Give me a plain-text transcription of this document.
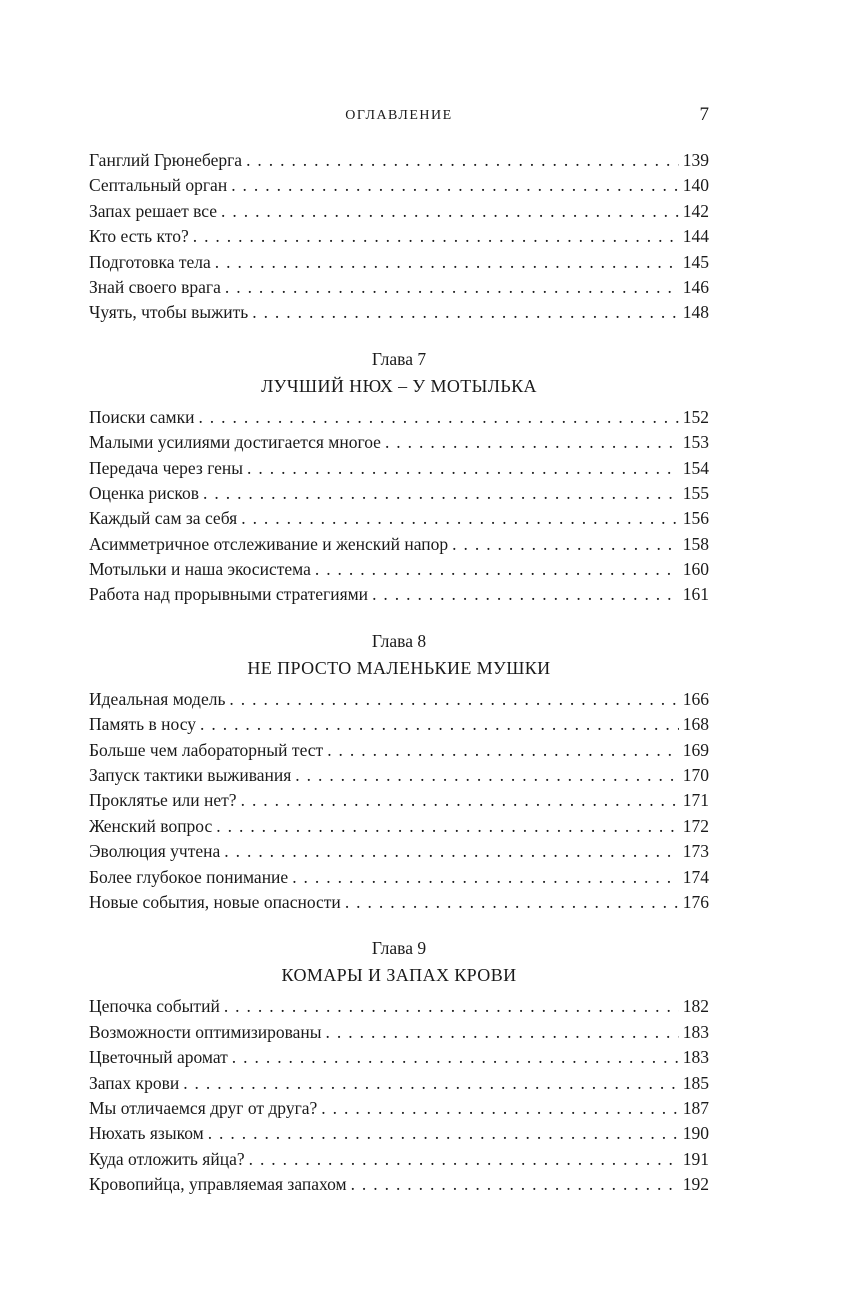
ОГЛАВЛЕНИЕ	7
Ганглий Грюнеберга . . .	139
Септальный орган . . .	140
Запах решает все . . .	142
Кто есть кто? . . .	144
Подготовка тела . . .	145
Знай своего врага . . .	146
Чуять, чтобы выжить . . .	148
Глава 7
ЛУЧШИЙ НЮХ – У МОТЫЛЬКА
Поиски самки . . .	152
Малыми усилиями достигается многое . . .	153
Передача через гены . . .	154
Оценка рисков . . .	155
Каждый сам за себя . . .	156
Асимметричное отслеживание и женский напор . . .	158
Мотыльки и наша экосистема . . .	160
Работа над прорывными стратегиями . . .	161
Глава 8
НЕ ПРОСТО МАЛЕНЬКИЕ МУШКИ
Идеальная модель . . .	166
Память в носу . . .	168
Больше чем лабораторный тест . . .	169
Запуск тактики выживания . . .	170
Проклятье или нет? . . .	171
Женский вопрос . . .	172
Эволюция учтена . . .	173
Более глубокое понимание . . .	174
Новые события, новые опасности . . .	176
Глава 9
КОМАРЫ И ЗАПАХ КРОВИ
Цепочка событий . . .	182
Возможности оптимизированы . . .	183
Цветочный аромат . . .	183
Запах крови . . .	185
Мы отличаемся друг от друга? . . .	187
Нюхать языком . . .	190
Куда отложить яйца? . . .	191
Кровопийца, управляемая запахом . . .	192
